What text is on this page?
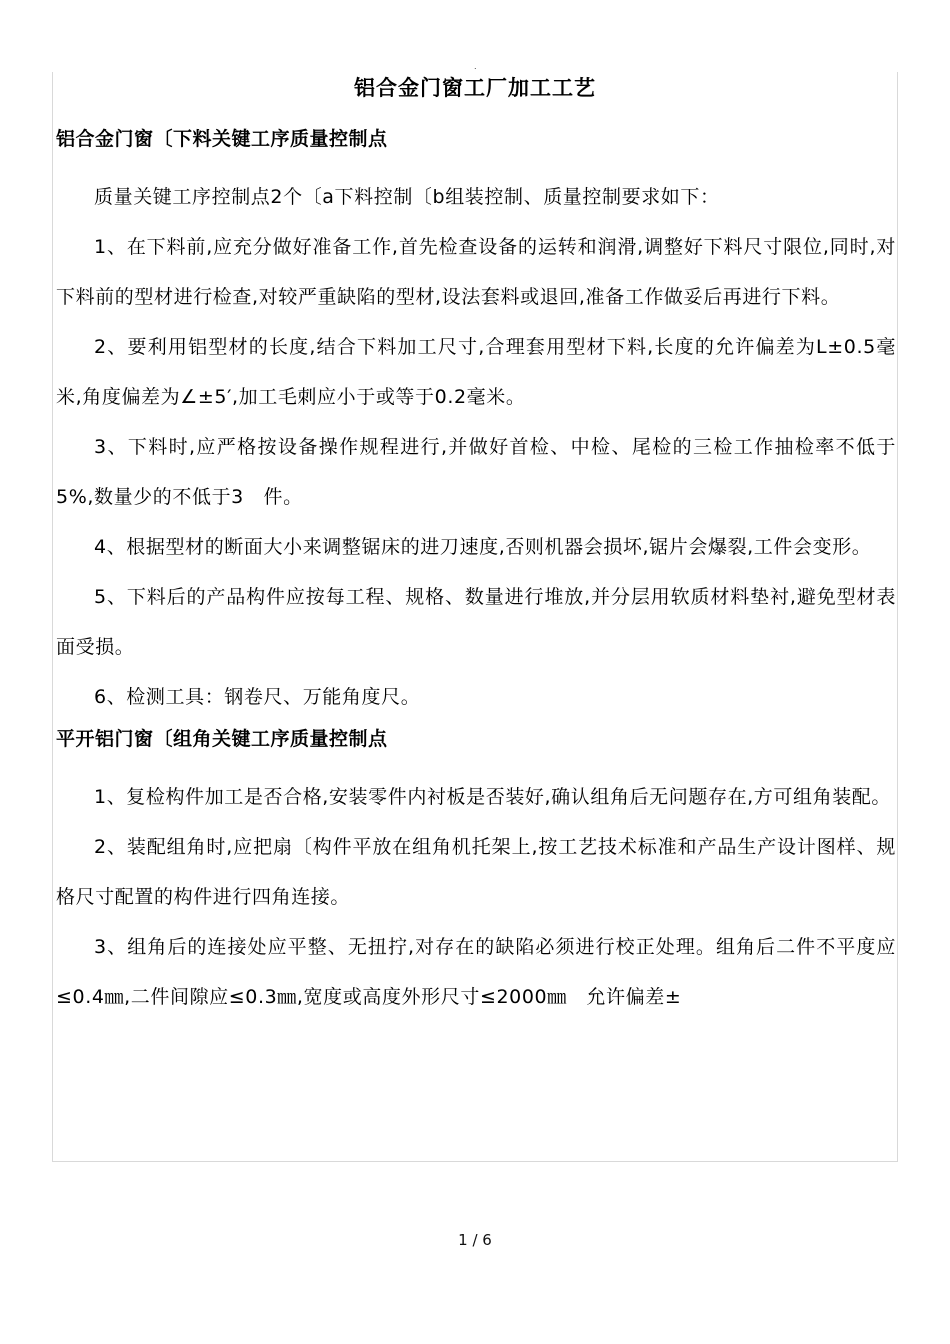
.
铝合金门窗工厂加工工艺
铝合金门窗〔下料关键工序质量控制点

质量关键工序控制点2个〔a下料控制〔b组装控制、质量控制要求如下：

1、在下料前,应充分做好准备工作,首先检查设备的运转和润滑,调整好下料尺寸限位,同时,对下料前的型材进行检查,对较严重缺陷的型材,设法套料或退回,准备工作做妥后再进行下料。

2、要利用铝型材的长度,结合下料加工尺寸,合理套用型材下料,长度的允许偏差为L±0.5毫米,角度偏差为∠±5′,加工毛刺应小于或等于0.2毫米。

3、下料时,应严格按设备操作规程进行,并做好首检、中检、尾检的三检工作抽检率不低于5%,数量少的不低于3　件。

4、根据型材的断面大小来调整锯床的进刀速度,否则机器会损坏,锯片会爆裂,工件会变形。

5、下料后的产品构件应按每工程、规格、数量进行堆放,并分层用软质材料垫衬,避免型材表面受损。

6、检测工具：钢卷尺、万能角度尺。

平开铝门窗〔组角关键工序质量控制点

1、复检构件加工是否合格,安装零件内衬板是否装好,确认组角后无问题存在,方可组角装配。

2、装配组角时,应把扇〔构件平放在组角机托架上,按工艺技术标准和产品生产设计图样、规格尺寸配置的构件进行四角连接。

3、组角后的连接处应平整、无扭拧,对存在的缺陷必须进行校正处理。组角后二件不平度应≤0.4㎜,二件间隙应≤0.3㎜,宽度或高度外形尺寸≤2000㎜　允许偏差±

1 / 6
